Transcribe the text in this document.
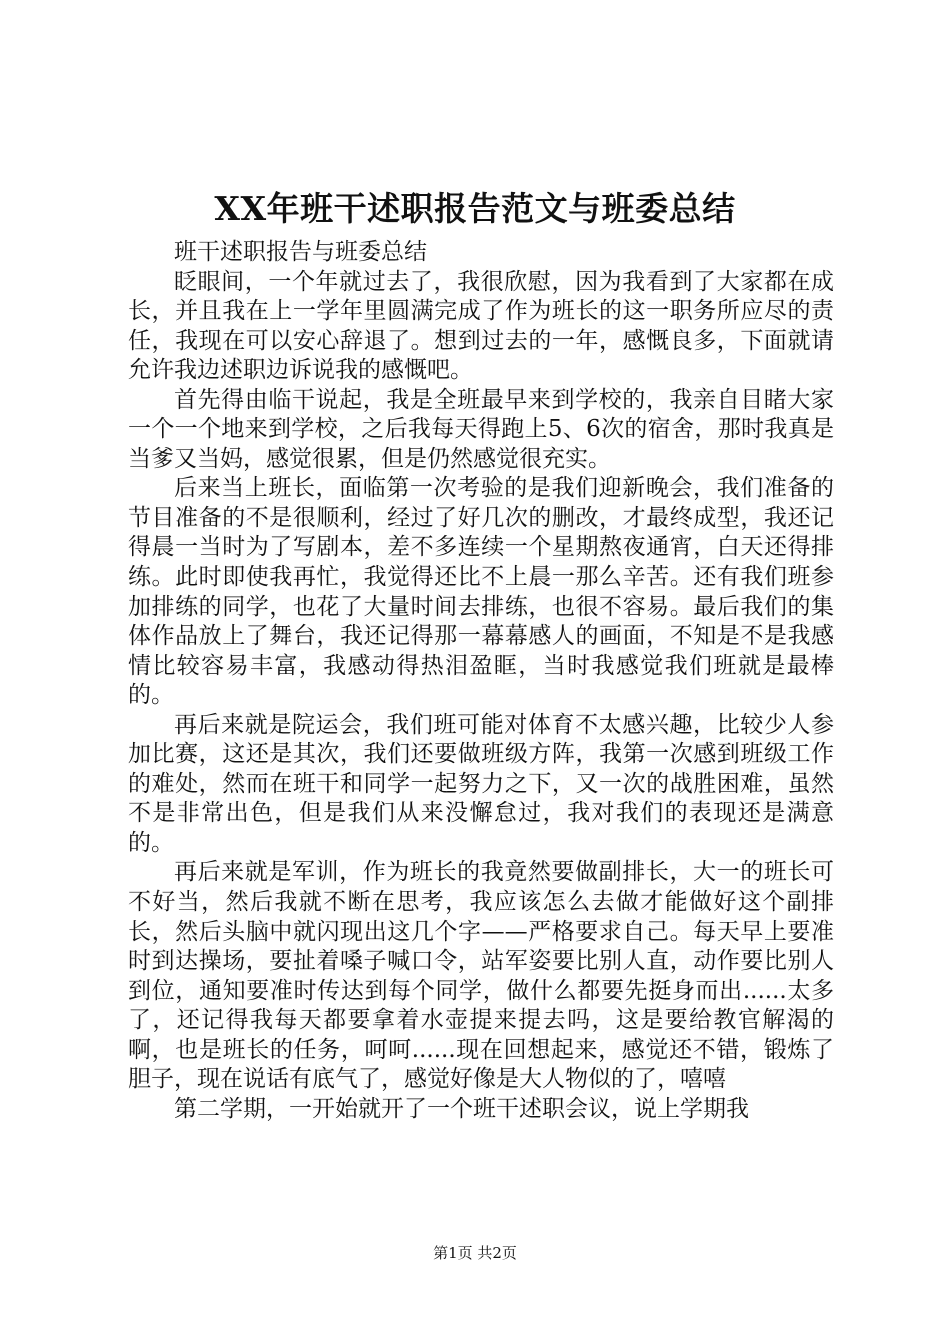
XX年班干述职报告范文与班委总结

班干述职报告与班委总结

眨眼间，一个年就过去了，我很欣慰，因为我看到了大家都在成长，并且我在上一学年里圆满完成了作为班长的这一职务所应尽的责任，我现在可以安心辞退了。想到过去的一年，感慨良多，下面就请允许我边述职边诉说我的感慨吧。

首先得由临干说起，我是全班最早来到学校的，我亲自目睹大家一个一个地来到学校，之后我每天得跑上5、6次的宿舍，那时我真是当爹又当妈，感觉很累，但是仍然感觉很充实。

后来当上班长，面临第一次考验的是我们迎新晚会，我们准备的节目准备的不是很顺利，经过了好几次的删改，才最终成型，我还记得晨一当时为了写剧本，差不多连续一个星期熬夜通宵，白天还得排练。此时即使我再忙，我觉得还比不上晨一那么辛苦。还有我们班参加排练的同学，也花了大量时间去排练，也很不容易。最后我们的集体作品放上了舞台，我还记得那一幕幕感人的画面，不知是不是我感情比较容易丰富，我感动得热泪盈眶，当时我感觉我们班就是最棒的。

再后来就是院运会，我们班可能对体育不太感兴趣，比较少人参加比赛，这还是其次，我们还要做班级方阵，我第一次感到班级工作的难处，然而在班干和同学一起努力之下，又一次的战胜困难，虽然不是非常出色，但是我们从来没懈怠过，我对我们的表现还是满意的。

再后来就是军训，作为班长的我竟然要做副排长，大一的班长可不好当，然后我就不断在思考，我应该怎么去做才能做好这个副排长，然后头脑中就闪现出这几个字——严格要求自己。每天早上要准时到达操场，要扯着嗓子喊口令，站军姿要比别人直，动作要比别人到位，通知要准时传达到每个同学，做什么都要先挺身而出......太多了，还记得我每天都要拿着水壶提来提去吗，这是要给教官解渴的啊，也是班长的任务，呵呵......现在回想起来，感觉还不错，锻炼了胆子，现在说话有底气了，感觉好像是大人物似的了，嘻嘻

第二学期，一开始就开了一个班干述职会议，说上学期我

第1页 共2页
